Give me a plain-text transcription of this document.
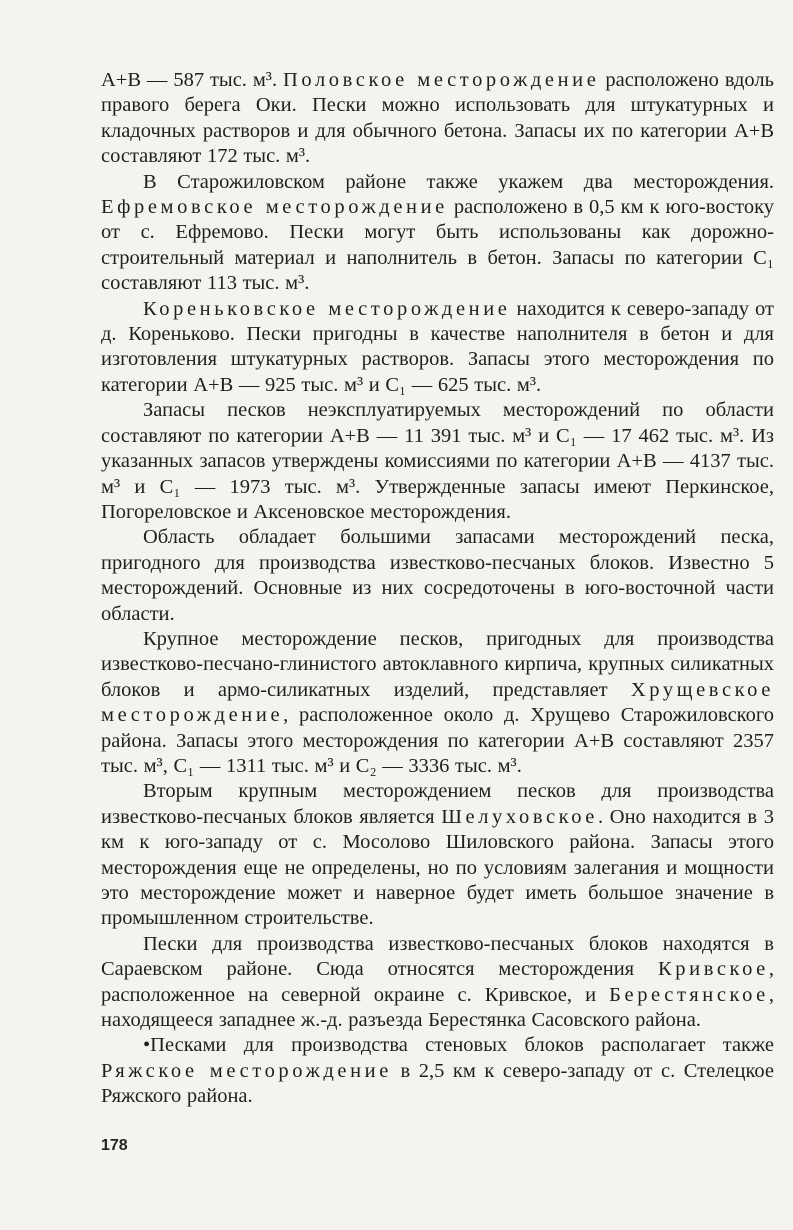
А+В — 587 тыс. м³. Половское месторождение расположено вдоль правого берега Оки. Пески можно использовать для штукатурных и кладочных растворов и для обычного бетона. Запасы их по категории А+В составляют 172 тыс. м³.

В Старожиловском районе также укажем два месторождения. Ефремовское месторождение расположено в 0,5 км к юго-востоку от с. Ефремово. Пески могут быть использованы как дорожно-строительный материал и наполнитель в бетон. Запасы по категории C₁ составляют 113 тыс. м³.

Кореньковское месторождение находится к северо-западу от д. Кореньково. Пески пригодны в качестве наполнителя в бетон и для изготовления штукатурных растворов. Запасы этого месторождения по категории А+В — 925 тыс. м³ и C₁ — 625 тыс. м³.

Запасы песков неэксплуатируемых месторождений по области составляют по категории А+В — 11 391 тыс. м³ и C₁ — 17 462 тыс. м³. Из указанных запасов утверждены комиссиями по категории А+В — 4137 тыс. м³ и C₁ — 1973 тыс. м³. Утвержденные запасы имеют Перкинское, Погореловское и Аксеновское месторождения.

Область обладает большими запасами месторождений песка, пригодного для производства известково-песчаных блоков. Известно 5 месторождений. Основные из них сосредоточены в юго-восточной части области.

Крупное месторождение песков, пригодных для производства известково-песчано-глинистого автоклавного кирпича, крупных силикатных блоков и армо-силикатных изделий, представляет Хрущевское месторождение, расположенное около д. Хрущево Старожиловского района. Запасы этого месторождения по категории А+В составляют 2357 тыс. м³, C₁ — 1311 тыс. м³ и C₂ — 3336 тыс. м³.

Вторым крупным месторождением песков для производства известково-песчаных блоков является Шелуховское. Оно находится в 3 км к юго-западу от с. Мосолово Шиловского района. Запасы этого месторождения еще не определены, но по условиям залегания и мощности это месторождение может и наверное будет иметь большое значение в промышленном строительстве.

Пески для производства известково-песчаных блоков находятся в Сараевском районе. Сюда относятся месторождения Кривское, расположенное на северной окраине с. Кривское, и Берестянское, находящееся западнее ж.-д. разъезда Берестянка Сасовского района.

•Песками для производства стеновых блоков располагает также Ряжское месторождение в 2,5 км к северо-западу от с. Стелецкое Ряжского района.

178
